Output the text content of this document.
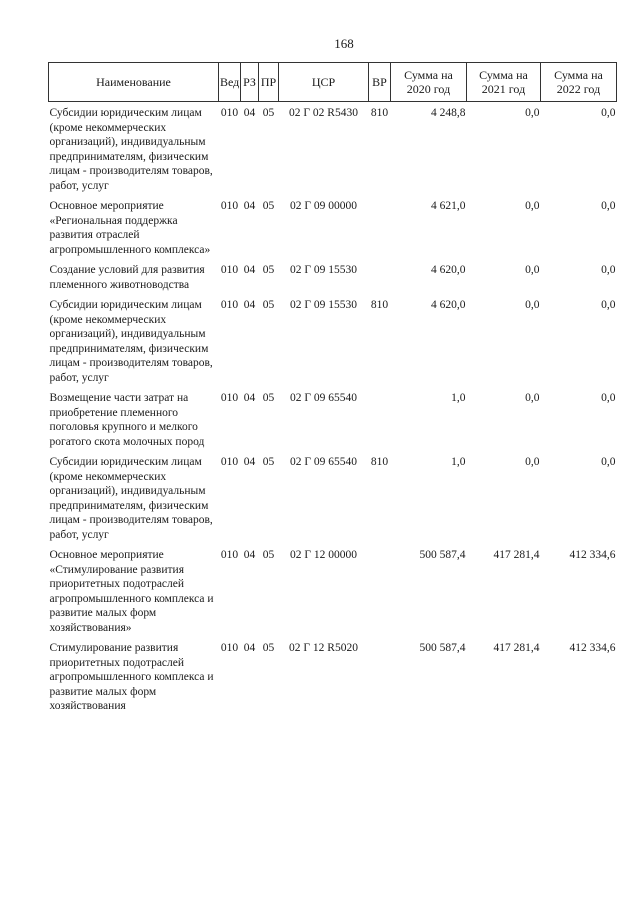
168
Наименование	Вед	РЗ	ПР	ЦСР	ВР	Сумма на 2020 год	Сумма на 2021 год	Сумма на 2022 год

Субсидии юридическим лицам (кроме некоммерческих организаций), индивидуальным предпринимателям, физическим лицам - производителям товаров, работ, услуг	010	04	05	02 Г 02 R5430	810	4 248,8	0,0	0,0
Основное мероприятие «Региональная поддержка развития отраслей агропромышленного комплекса»	010	04	05	02 Г 09 00000		4 621,0	0,0	0,0
Создание условий для развития племенного животноводства	010	04	05	02 Г 09 15530		4 620,0	0,0	0,0
Субсидии юридическим лицам (кроме некоммерческих организаций), индивидуальным предпринимателям, физическим лицам - производителям товаров, работ, услуг	010	04	05	02 Г 09 15530	810	4 620,0	0,0	0,0
Возмещение части затрат на приобретение племенного поголовья крупного и мелкого рогатого скота молочных пород	010	04	05	02 Г 09 65540		1,0	0,0	0,0
Субсидии юридическим лицам (кроме некоммерческих организаций), индивидуальным предпринимателям, физическим лицам - производителям товаров, работ, услуг	010	04	05	02 Г 09 65540	810	1,0	0,0	0,0
Основное мероприятие «Стимулирование развития приоритетных подотраслей агропромышленного комплекса и развитие малых форм хозяйствования»	010	04	05	02 Г 12 00000		500 587,4	417 281,4	412 334,6
Стимулирование развития приоритетных подотраслей агропромышленного комплекса и развитие малых форм хозяйствования	010	04	05	02 Г 12 R5020		500 587,4	417 281,4	412 334,6
